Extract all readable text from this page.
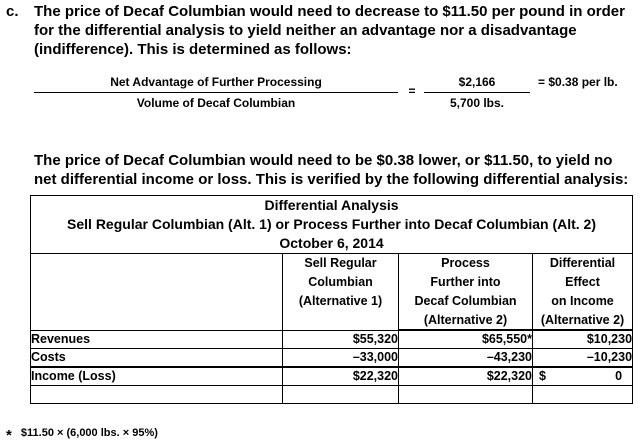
c. The price of Decaf Columbian would need to decrease to $11.50 per pound in order for the differential analysis to yield neither an advantage nor a disadvantage (indifference). This is determined as follows:
Net Advantage of Further Processing
Volume of Decaf Columbian
=
$2,166
5,700 lbs.
= $0.38 per lb.
The price of Decaf Columbian would need to be $0.38 lower, or $11.50, to yield no net differential income or loss. This is verified by the following differential analysis:
Differential Analysis
Sell Regular Columbian (Alt. 1) or Process Further into Decaf Columbian (Alt. 2)
October 6, 2014			

	Sell Regular
Columbian
(Alternative 1)	Process
Further into
Decaf Columbian
(Alternative 2)	Differential
Effect
on Income
(Alternative 2)

Revenues	$55,320	$65,550*	$10,230
Costs	–33,000	–43,230	–10,230
Income (Loss)	$22,320	$22,320	$ 0

* $11.50 × (6,000 lbs. × 95%)
